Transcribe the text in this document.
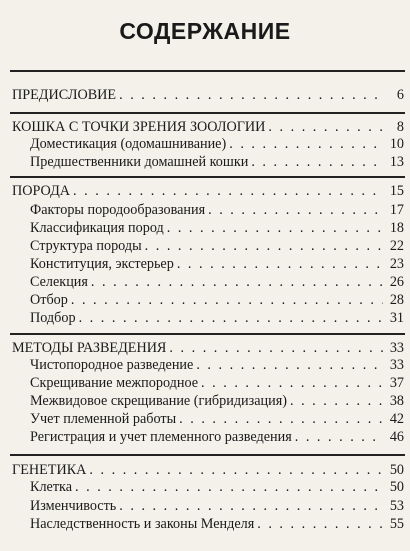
СОДЕРЖАНИЕ
ПРЕДИСЛОВИЕ . . .	6
КОШКА С ТОЧКИ ЗРЕНИЯ ЗООЛОГИИ . . .	8
Доместикация (одомашнивание) . . .	10
Предшественники домашней кошки . . .	13
ПОРОДА . . .	15
Факторы породообразования . . .	17
Классификация пород . . .	18
Структура породы . . .	22
Конституция, экстерьер . . .	23
Селекция . . .	26
Отбор . . .	28
Подбор . . .	31
МЕТОДЫ РАЗВЕДЕНИЯ . . .	33
Чистопородное разведение . . .	33
Скрещивание межпородное . . .	37
Межвидовое скрещивание (гибридизация) . . .	38
Учет племенной работы . . .	42
Регистрация и учет племенного разведения . . .	46
ГЕНЕТИКА . . .	50
Клетка . . .	50
Изменчивость . . .	53
Наследственность и законы Менделя . . .	55
